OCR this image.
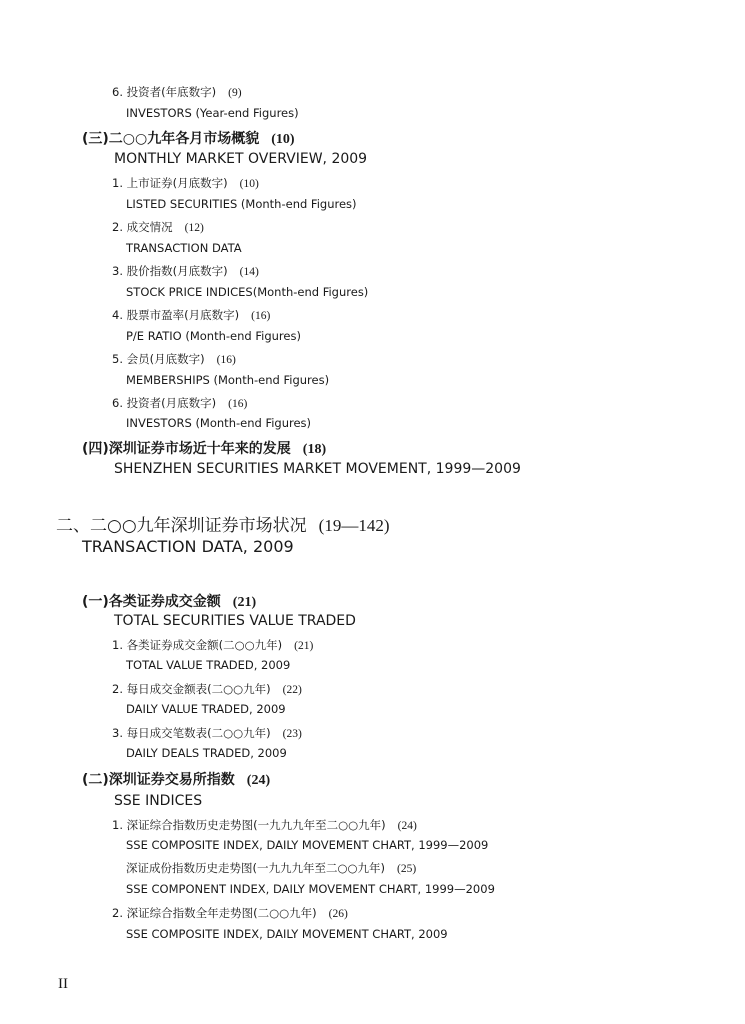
6. 投资者(年底数字) (9)
INVESTORS (Year-end Figures)
(三)二○○九年各月市场概貌 (10)
MONTHLY MARKET OVERVIEW, 2009
1. 上市证券(月底数字) (10)
LISTED SECURITIES (Month-end Figures)
2. 成交情况 (12)
TRANSACTION DATA
3. 股价指数(月底数字) (14)
STOCK PRICE INDICES(Month-end Figures)
4. 股票市盈率(月底数字) (16)
P/E RATIO (Month-end Figures)
5. 会员(月底数字) (16)
MEMBERSHIPS (Month-end Figures)
6. 投资者(月底数字) (16)
INVESTORS (Month-end Figures)
(四)深圳证券市场近十年来的发展 (18)
SHENZHEN SECURITIES MARKET MOVEMENT, 1999—2009
二、二○○九年深圳证券市场状况 (19—142)
TRANSACTION DATA, 2009
(一)各类证券成交金额 (21)
TOTAL SECURITIES VALUE TRADED
1. 各类证券成交金额(二○○九年) (21)
TOTAL VALUE TRADED, 2009
2. 每日成交金额表(二○○九年) (22)
DAILY VALUE TRADED, 2009
3. 每日成交笔数表(二○○九年) (23)
DAILY DEALS TRADED, 2009
(二)深圳证券交易所指数 (24)
SSE INDICES
1. 深证综合指数历史走势图(一九九九年至二○○九年) (24)
SSE COMPOSITE INDEX, DAILY MOVEMENT CHART, 1999—2009
深证成份指数历史走势图(一九九九年至二○○九年) (25)
SSE COMPONENT INDEX, DAILY MOVEMENT CHART, 1999—2009
2. 深证综合指数全年走势图(二○○九年) (26)
SSE COMPOSITE INDEX, DAILY MOVEMENT CHART, 2009
II
